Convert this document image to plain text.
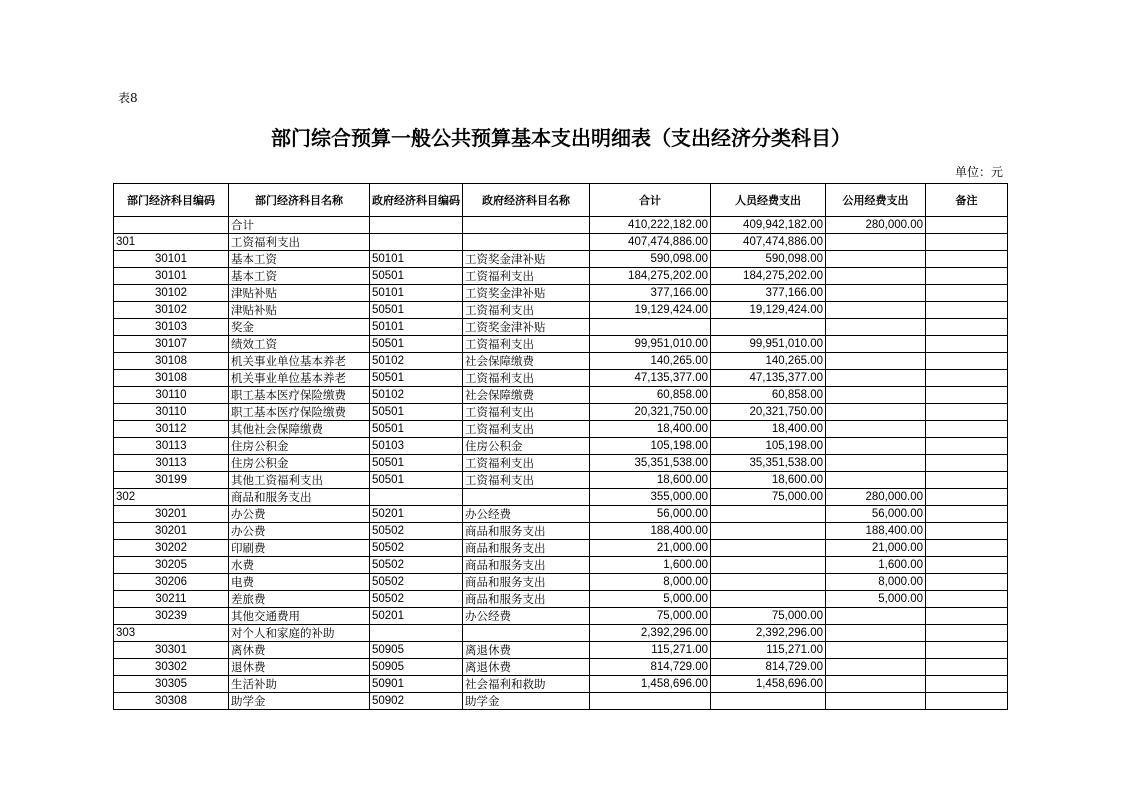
表8
部门综合预算一般公共预算基本支出明细表（支出经济分类科目）
单位：元
部门经济科目编码	部门经济科目名称	政府经济科目编码	政府经济科目名称	合计	人员经费支出	公用经费支出	备注
	合计			410,222,182.00	409,942,182.00	280,000.00	
301	工资福利支出			407,474,886.00	407,474,886.00		
30101	基本工资	50101	工资奖金津补贴	590,098.00	590,098.00		
30101	基本工资	50501	工资福利支出	184,275,202.00	184,275,202.00		
30102	津贴补贴	50101	工资奖金津补贴	377,166.00	377,166.00		
30102	津贴补贴	50501	工资福利支出	19,129,424.00	19,129,424.00		
30103	奖金	50101	工资奖金津补贴				
30107	绩效工资	50501	工资福利支出	99,951,010.00	99,951,010.00		
30108	机关事业单位基本养老	50102	社会保障缴费	140,265.00	140,265.00		
30108	机关事业单位基本养老	50501	工资福利支出	47,135,377.00	47,135,377.00		
30110	职工基本医疗保险缴费	50102	社会保障缴费	60,858.00	60,858.00		
30110	职工基本医疗保险缴费	50501	工资福利支出	20,321,750.00	20,321,750.00		
30112	其他社会保障缴费	50501	工资福利支出	18,400.00	18,400.00		
30113	住房公积金	50103	住房公积金	105,198.00	105,198.00		
30113	住房公积金	50501	工资福利支出	35,351,538.00	35,351,538.00		
30199	其他工资福利支出	50501	工资福利支出	18,600.00	18,600.00		
302	商品和服务支出			355,000.00	75,000.00	280,000.00	
30201	办公费	50201	办公经费	56,000.00		56,000.00	
30201	办公费	50502	商品和服务支出	188,400.00		188,400.00	
30202	印刷费	50502	商品和服务支出	21,000.00		21,000.00	
30205	水费	50502	商品和服务支出	1,600.00		1,600.00	
30206	电费	50502	商品和服务支出	8,000.00		8,000.00	
30211	差旅费	50502	商品和服务支出	5,000.00		5,000.00	
30239	其他交通费用	50201	办公经费	75,000.00	75,000.00		
303	对个人和家庭的补助			2,392,296.00	2,392,296.00		
30301	离休费	50905	离退休费	115,271.00	115,271.00		
30302	退休费	50905	离退休费	814,729.00	814,729.00		
30305	生活补助	50901	社会福利和救助	1,458,696.00	1,458,696.00		
30308	助学金	50902	助学金				
